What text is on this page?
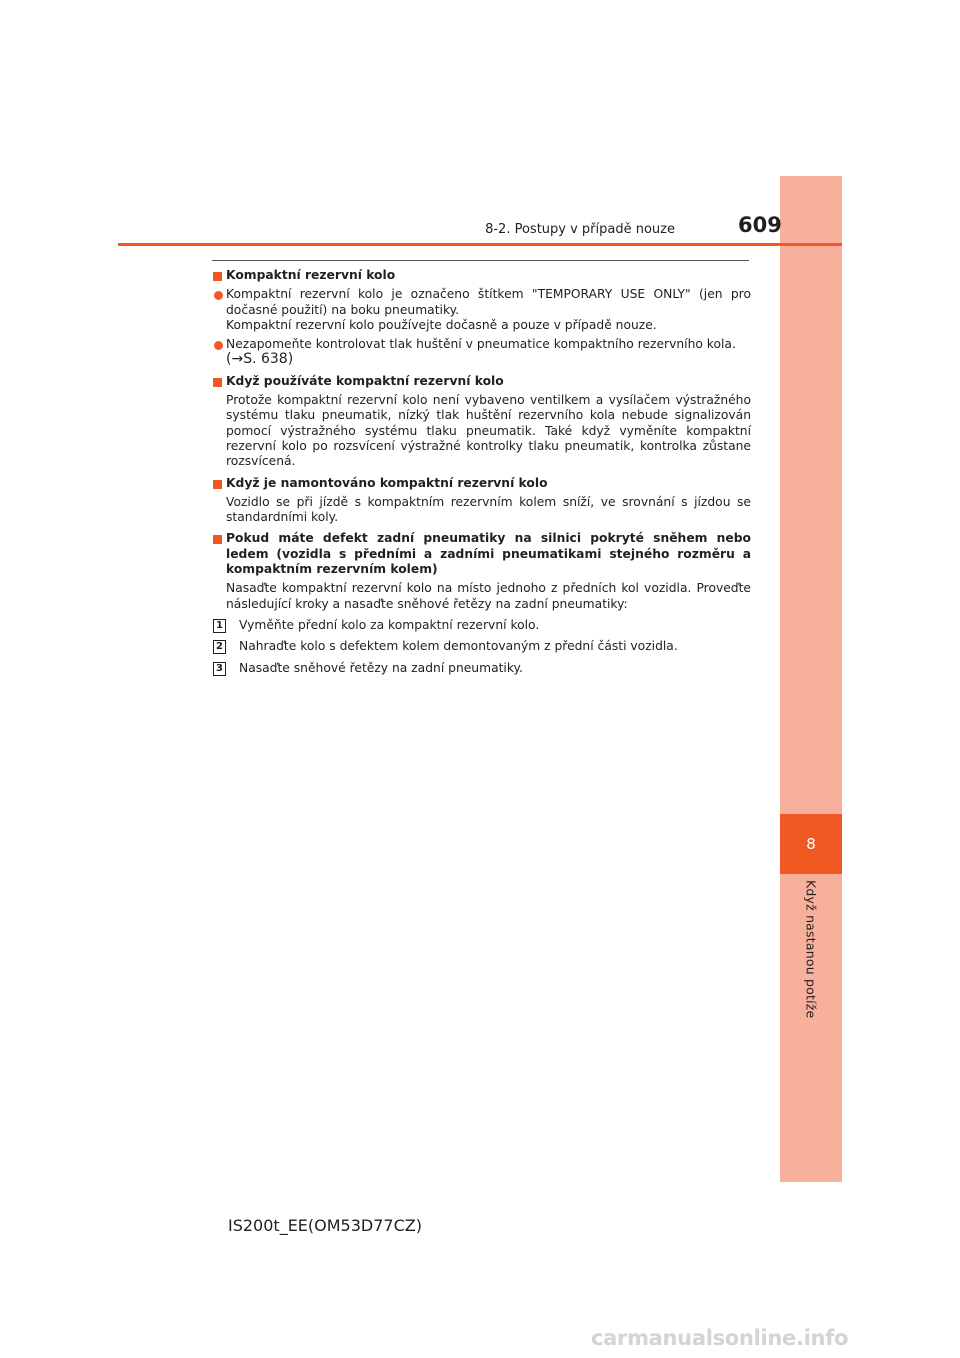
8
Když nastanou potíže
8-2. Postupy v případě nouze	609
Kompaktní rezervní kolo
Kompaktní rezervní kolo je označeno štítkem "TEMPORARY USE ONLY" (jen pro dočasné použití) na boku pneumatiky.
Kompaktní rezervní kolo používejte dočasně a pouze v případě nouze.
Nezapomeňte kontrolovat tlak huštění v pneumatice kompaktního rezervního kola.
(→S. 638)
Když používáte kompaktní rezervní kolo
Protože kompaktní rezervní kolo není vybaveno ventilkem a vysílačem výstražného systému tlaku pneumatik, nízký tlak huštění rezervního kola nebude signalizován pomocí výstražného systému tlaku pneumatik. Také když vyměníte kompaktní rezervní kolo po rozsvícení výstražné kontrolky tlaku pneumatik, kontrolka zůstane rozsvícená.
Když je namontováno kompaktní rezervní kolo
Vozidlo se při jízdě s kompaktním rezervním kolem sníží, ve srovnání s jízdou se standardními koly.
Pokud máte defekt zadní pneumatiky na silnici pokryté sněhem nebo ledem (vozidla s předními a zadními pneumatikami stejného rozměru a kompaktním rezervním kolem)
Nasaďte kompaktní rezervní kolo na místo jednoho z předních kol vozidla. Proveďte následující kroky a nasaďte sněhové řetězy na zadní pneumatiky:
1 Vyměňte přední kolo za kompaktní rezervní kolo.
2 Nahraďte kolo s defektem kolem demontovaným z přední části vozidla.
3 Nasaďte sněhové řetězy na zadní pneumatiky.
IS200t_EE(OM53D77CZ)
carmanualsonline.info
